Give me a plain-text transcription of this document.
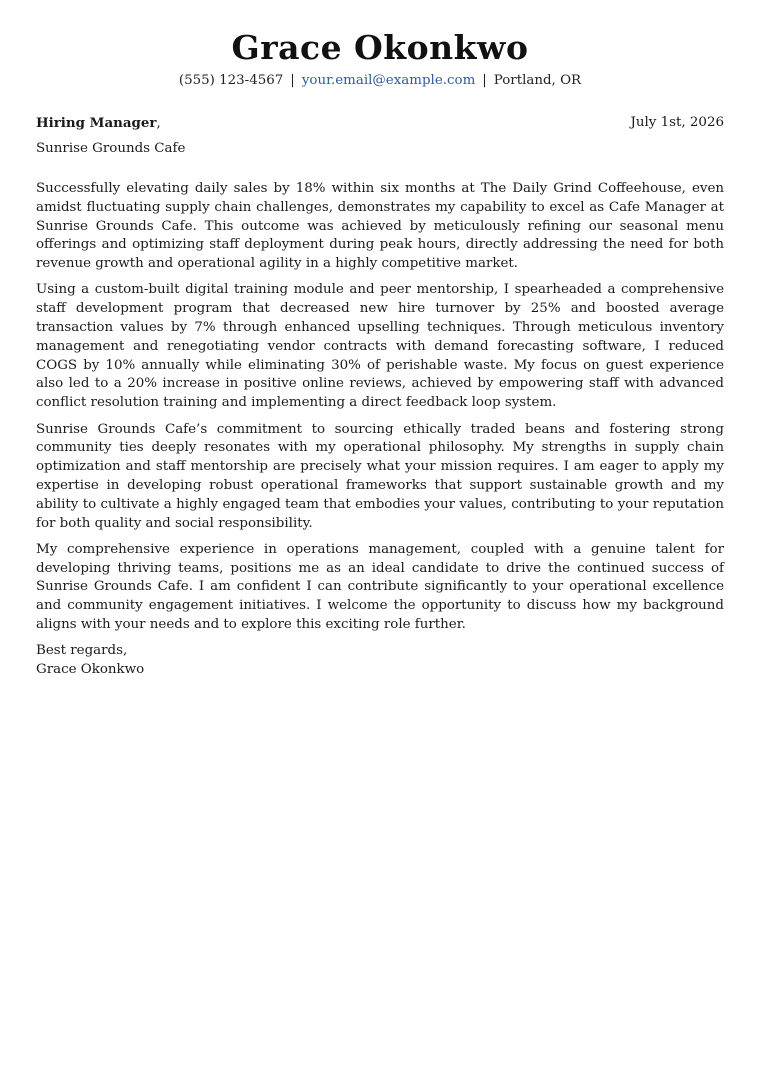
Grace Okonkwo
(555) 123-4567 | your.email@example.com | Portland, OR
Hiring Manager,	July 1st, 2026
Sunrise Grounds Cafe

Successfully elevating daily sales by 18% within six months at The Daily Grind Coffeehouse, even amidst fluctuating supply chain challenges, demonstrates my capability to excel as Cafe Manager at Sunrise Grounds Cafe. This outcome was achieved by meticulously refining our seasonal menu offerings and optimizing staff deployment during peak hours, directly addressing the need for both revenue growth and operational agility in a highly competitive market.

Using a custom-built digital training module and peer mentorship, I spearheaded a comprehensive staff development program that decreased new hire turnover by 25% and boosted average transaction values by 7% through enhanced upselling techniques. Through meticulous inventory management and renegotiating vendor contracts with demand forecasting software, I reduced COGS by 10% annually while eliminating 30% of perishable waste. My focus on guest experience also led to a 20% increase in positive online reviews, achieved by empowering staff with advanced conflict resolution training and implementing a direct feedback loop system.

Sunrise Grounds Cafe’s commitment to sourcing ethically traded beans and fostering strong community ties deeply resonates with my operational philosophy. My strengths in supply chain optimization and staff mentorship are precisely what your mission requires. I am eager to apply my expertise in developing robust operational frameworks that support sustainable growth and my ability to cultivate a highly engaged team that embodies your values, contributing to your reputation for both quality and social responsibility.

My comprehensive experience in operations management, coupled with a genuine talent for developing thriving teams, positions me as an ideal candidate to drive the continued success of Sunrise Grounds Cafe. I am confident I can contribute significantly to your operational excellence and community engagement initiatives. I welcome the opportunity to discuss how my background aligns with your needs and to explore this exciting role further.

Best regards,
Grace Okonkwo
